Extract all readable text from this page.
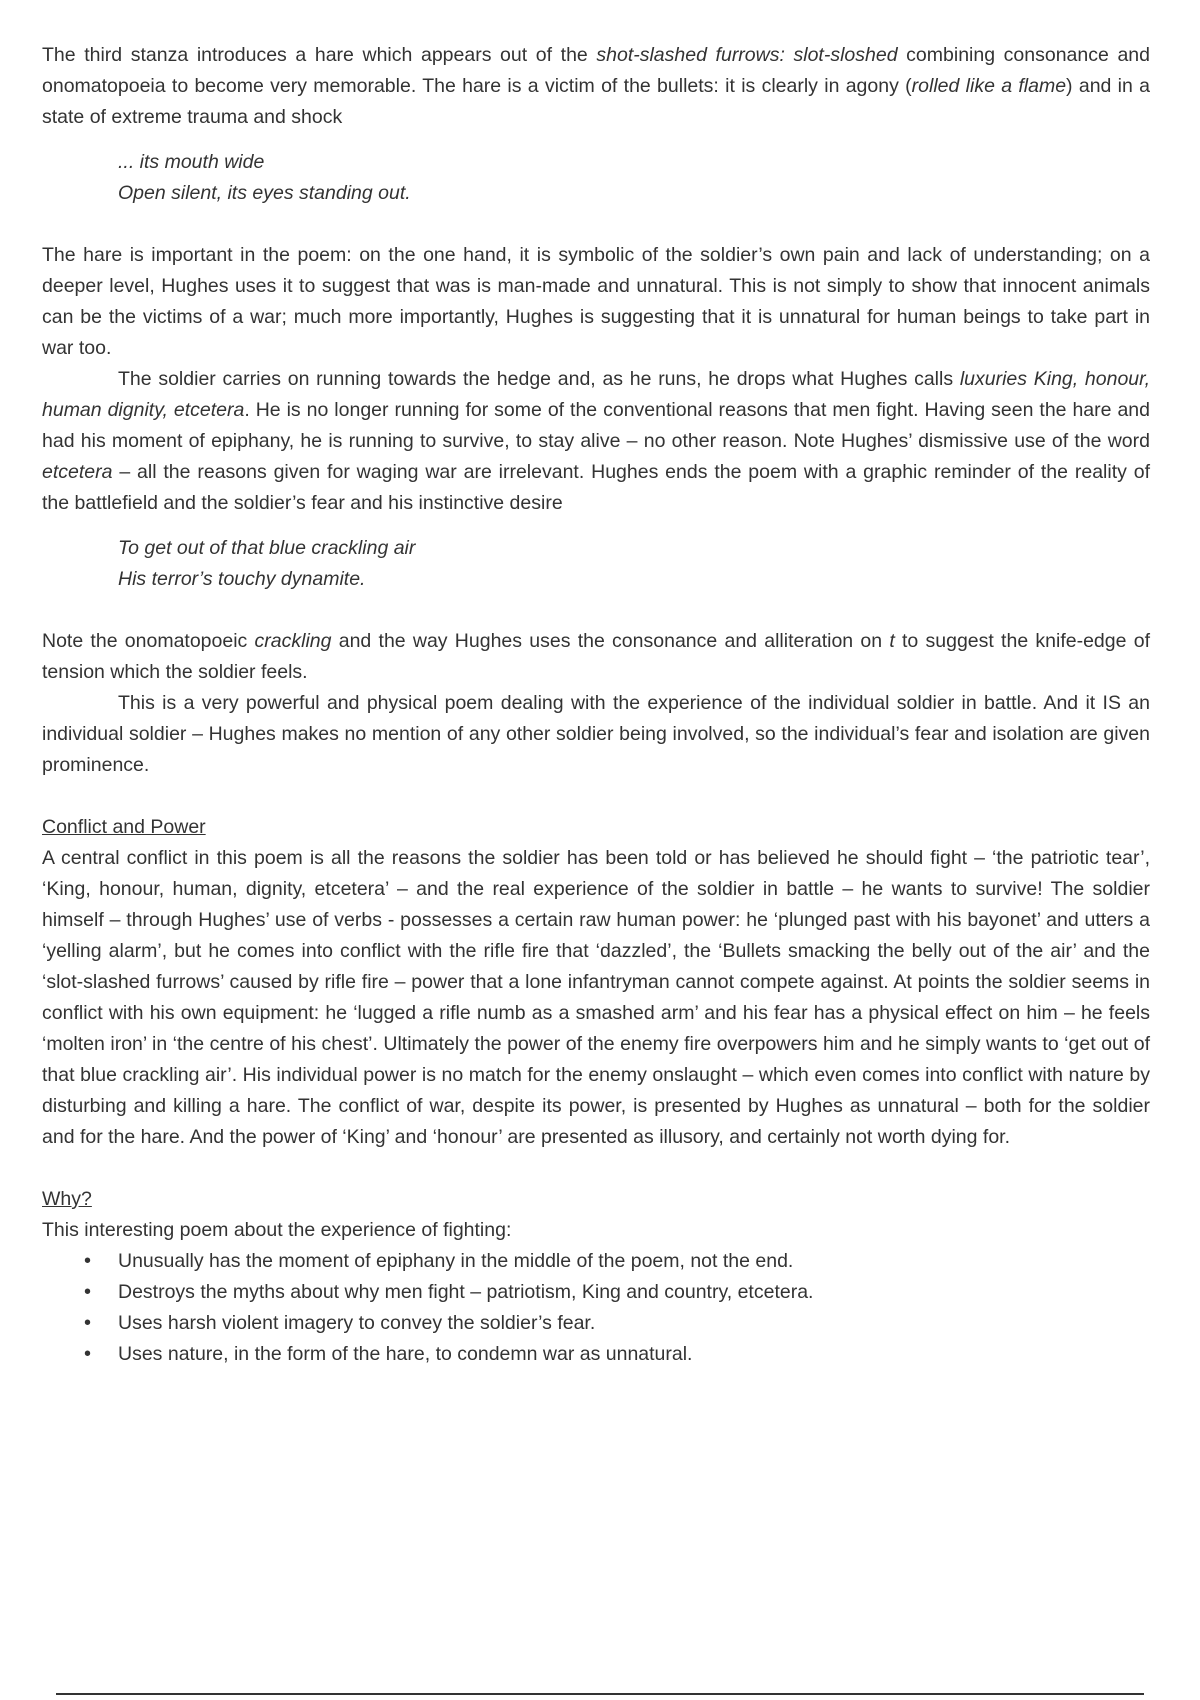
The third stanza introduces a hare which appears out of the shot-slashed furrows: slot-sloshed combining consonance and onomatopoeia to become very memorable. The hare is a victim of the bullets: it is clearly in agony (rolled like a flame) and in a state of extreme trauma and shock

... its mouth wide
Open silent, its eyes standing out.

The hare is important in the poem: on the one hand, it is symbolic of the soldier’s own pain and lack of understanding; on a deeper level, Hughes uses it to suggest that was is man-made and unnatural. This is not simply to show that innocent animals can be the victims of a war; much more importantly, Hughes is suggesting that it is unnatural for human beings to take part in war too.

The soldier carries on running towards the hedge and, as he runs, he drops what Hughes calls luxuries King, honour, human dignity, etcetera. He is no longer running for some of the conventional reasons that men fight. Having seen the hare and had his moment of epiphany, he is running to survive, to stay alive – no other reason. Note Hughes’ dismissive use of the word etcetera – all the reasons given for waging war are irrelevant. Hughes ends the poem with a graphic reminder of the reality of the battlefield and the soldier’s fear and his instinctive desire

To get out of that blue crackling air
His terror’s touchy dynamite.

Note the onomatopoeic crackling and the way Hughes uses the consonance and alliteration on t to suggest the knife-edge of tension which the soldier feels.

This is a very powerful and physical poem dealing with the experience of the individual soldier in battle. And it IS an individual soldier – Hughes makes no mention of any other soldier being involved, so the individual’s fear and isolation are given prominence.

Conflict and Power

A central conflict in this poem is all the reasons the soldier has been told or has believed he should fight – ‘the patriotic tear’, ‘King, honour, human, dignity, etcetera’ – and the real experience of the soldier in battle – he wants to survive! The soldier himself – through Hughes’ use of verbs - possesses a certain raw human power: he ‘plunged past with his bayonet’ and utters a ‘yelling alarm’, but he comes into conflict with the rifle fire that ‘dazzled’, the ‘Bullets smacking the belly out of the air’ and the ‘slot-slashed furrows’ caused by rifle fire – power that a lone infantryman cannot compete against. At points the soldier seems in conflict with his own equipment: he ‘lugged a rifle numb as a smashed arm’ and his fear has a physical effect on him – he feels ‘molten iron’ in ‘the centre of his chest’. Ultimately the power of the enemy fire overpowers him and he simply wants to ‘get out of that blue crackling air’. His individual power is no match for the enemy onslaught – which even comes into conflict with nature by disturbing and killing a hare. The conflict of war, despite its power, is presented by Hughes as unnatural – both for the soldier and for the hare. And the power of ‘King’ and ‘honour’ are presented as illusory, and certainly not worth dying for.

Why?

This interesting poem about the experience of fighting:

• Unusually has the moment of epiphany in the middle of the poem, not the end.
• Destroys the myths about why men fight – patriotism, King and country, etcetera.
• Uses harsh violent imagery to convey the soldier’s fear.
• Uses nature, in the form of the hare, to condemn war as unnatural.
